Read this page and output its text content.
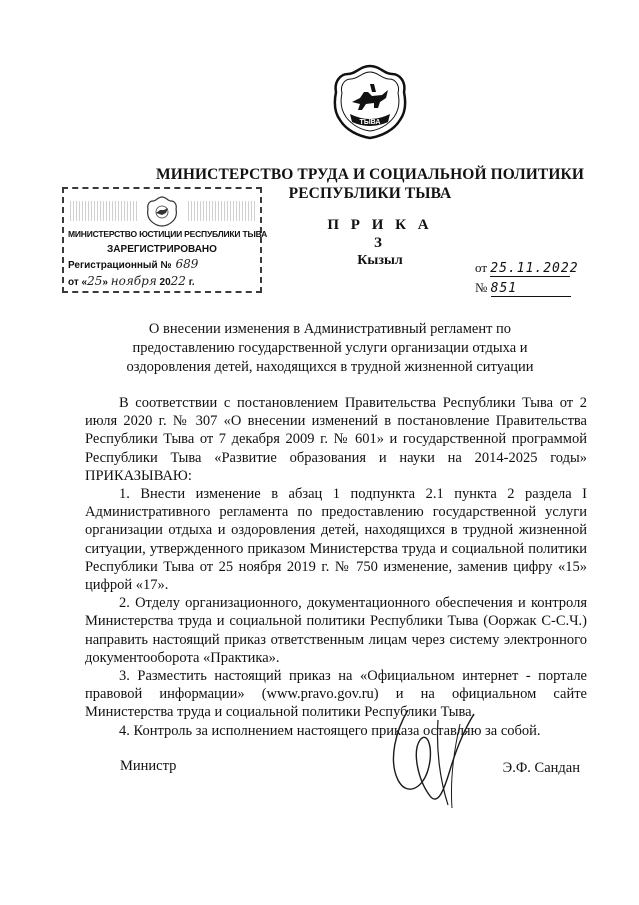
ТЫВА
МИНИСТЕРСТВО ТРУДА И СОЦИАЛЬНОЙ ПОЛИТИКИ
РЕСПУБЛИКИ ТЫВА
П Р И К А З
Кызыл
МИНИСТЕРСТВО ЮСТИЦИИ РЕСПУБЛИКИ ТЫВА
ЗАРЕГИСТРИРОВАНО
Регистрационный № 689
от «25» ноября 2022 г.
от 25.11.2022
№ 851
О внесении изменения в Административный регламент по
предоставлению государственной услуги организации отдыха и
оздоровления детей, находящихся в трудной жизненной ситуации

В соответствии с постановлением Правительства Республики Тыва от 2 июля 2020 г. № 307 «О внесении изменений в постановление Правительства Республики Тыва от 7 декабря 2009 г. № 601» и государственной программой Республики Тыва «Развитие образования и науки на 2014-2025 годы» ПРИКАЗЫВАЮ:

1. Внести изменение в абзац 1 подпункта 2.1 пункта 2 раздела I Административного регламента по предоставлению государственной услуги организации отдыха и оздоровления детей, находящихся в трудной жизненной ситуации, утвержденного приказом Министерства труда и социальной политики Республики Тыва от 25 ноября 2019 г. № 750 изменение, заменив цифру «15» цифрой «17».

2. Отделу организационного, документационного обеспечения и контроля Министерства труда и социальной политики Республики Тыва (Ооржак С-С.Ч.) направить настоящий приказ ответственным лицам через систему электронного документооборота «Практика».

3. Разместить настоящий приказ на «Официальном интернет - портале правовой информации» (www.pravo.gov.ru) и на официальном сайте Министерства труда и социальной политики Республики Тыва.

4. Контроль за исполнением настоящего приказа оставляю за собой.

Министр	Э.Ф. Сандан
